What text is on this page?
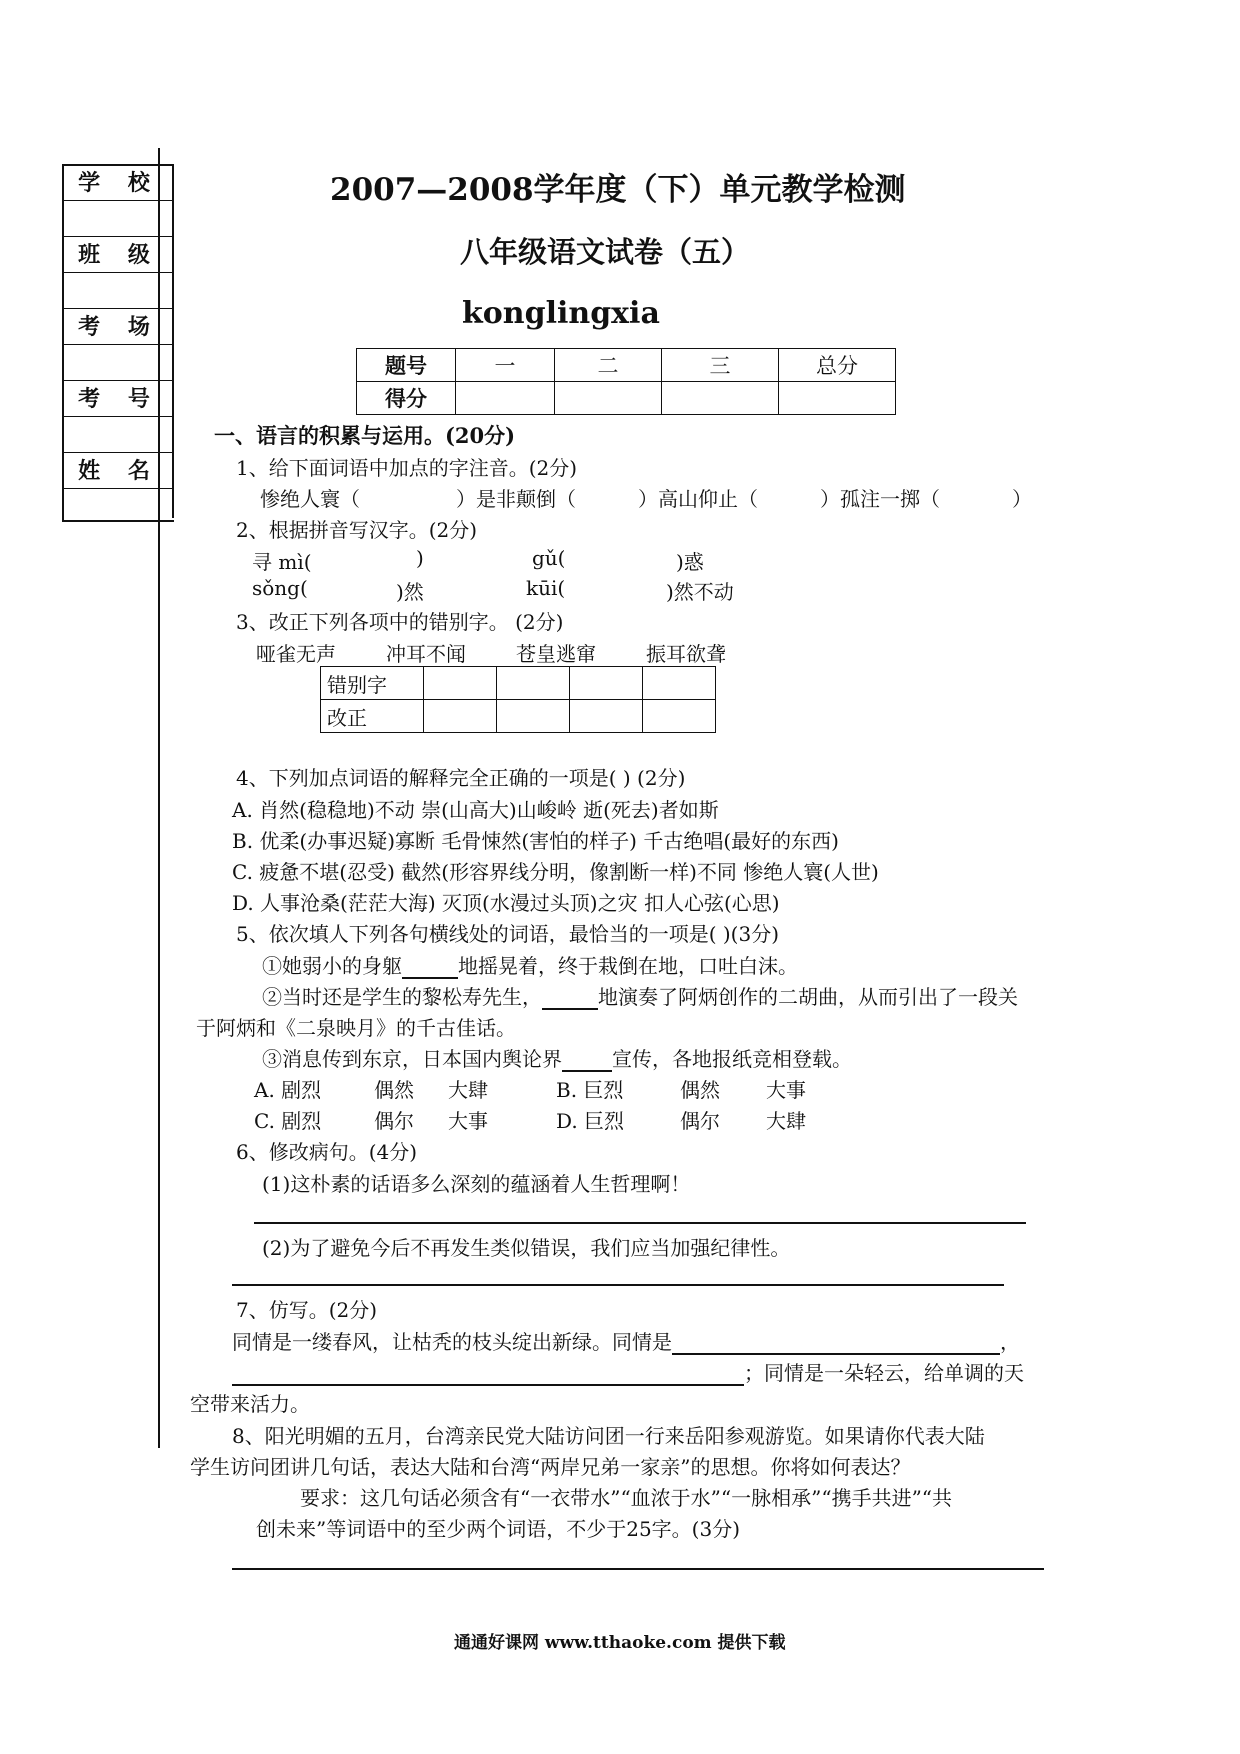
学 校
班 级
考 场
考 号
姓 名
2007—2008学年度（下）单元教学检测
八年级语文试卷（五）
konglingxia
题号	一	二	三	总分
得分				
一、语言的积累与运用。(20分)
1、给下面词语中加点的字注音。(2分)
惨绝人寰（	）是非颠倒（	）高山仰止（	）孤注一掷（	）
2、根据拼音写汉字。(2分)
寻 mì(	)	gǔ(	)惑
sǒng(	)然	kūi(	)然不动
3、改正下列各项中的错别字。 (2分)
哑雀无声	冲耳不闻	苍皇逃窜	振耳欲聋
错别字				
改正				
4、下列加点词语的解释完全正确的一项是( ) (2分)
A. 肖然(稳稳地)不动 崇(山高大)山峻岭 逝(死去)者如斯
B. 优柔(办事迟疑)寡断 毛骨悚然(害怕的样子) 千古绝唱(最好的东西)
C. 疲惫不堪(忍受) 截然(形容界线分明，像割断一样)不同 惨绝人寰(人世)
D. 人事沧桑(茫茫大海) 灭顶(水漫过头顶)之灾 扣人心弦(心思)
5、依次填人下列各句横线处的词语，最恰当的一项是( )(3分)
①她弱小的身躯	地摇晃着，终于栽倒在地，口吐白沫。
②当时还是学生的黎松寿先生，	地演奏了阿炳创作的二胡曲，从而引出了一段关
于阿炳和《二泉映月》的千古佳话。
③消息传到东京，日本国内舆论界	宣传，各地报纸竞相登载。
A. 剧烈	偶然 大肆	B. 巨烈	偶然 大事
C. 剧烈	偶尔 大事	D. 巨烈	偶尔 大肆
6、修改病句。(4分)
(1)这朴素的话语多么深刻的蕴涵着人生哲理啊！
(2)为了避免今后不再发生类似错误，我们应当加强纪律性。
7、仿写。(2分)
同情是一缕春风，让枯秃的枝头绽出新绿。同情是	，
；同情是一朵轻云，给单调的天
空带来活力。
8、阳光明媚的五月，台湾亲民党大陆访问团一行来岳阳参观游览。如果请你代表大陆
学生访问团讲几句话，表达大陆和台湾“两岸兄弟一家亲”的思想。你将如何表达？
要求：这几句话必须含有“一衣带水”“血浓于水”“一脉相承”“携手共进”“共
创未来”等词语中的至少两个词语，不少于25字。(3分)
通通好课网 www.tthaoke.com 提供下载
